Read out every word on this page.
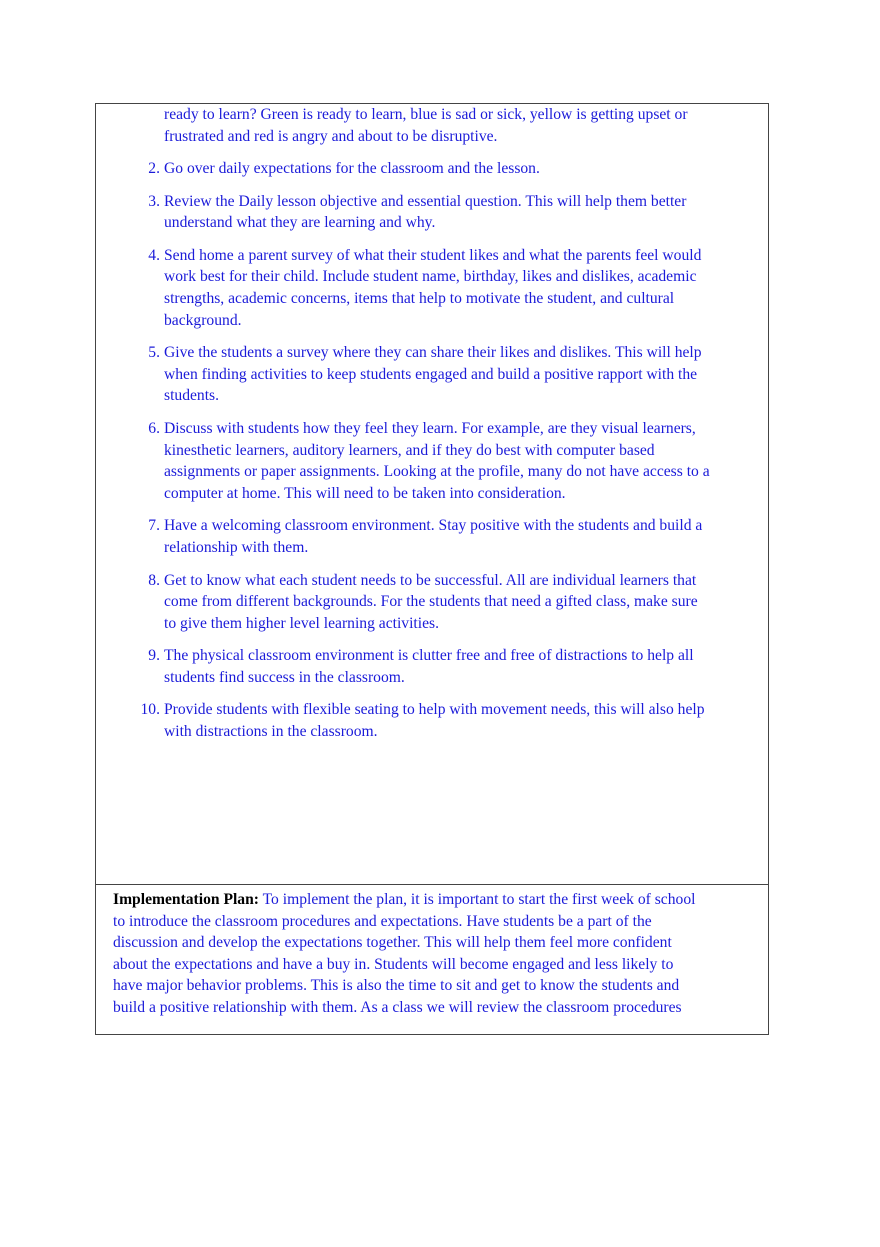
ready to learn? Green is ready to learn, blue is sad or sick, yellow is getting upset or
frustrated and red is angry and about to be disruptive.
2. Go over daily expectations for the classroom and the lesson.
3. Review the Daily lesson objective and essential question. This will help them better
understand what they are learning and why.
4. Send home a parent survey of what their student likes and what the parents feel would
work best for their child. Include student name, birthday, likes and dislikes, academic
strengths, academic concerns, items that help to motivate the student, and cultural
background.
5. Give the students a survey where they can share their likes and dislikes. This will help
when finding activities to keep students engaged and build a positive rapport with the
students.
6. Discuss with students how they feel they learn. For example, are they visual learners,
kinesthetic learners, auditory learners, and if they do best with computer based
assignments or paper assignments. Looking at the profile, many do not have access to a
computer at home. This will need to be taken into consideration.
7. Have a welcoming classroom environment. Stay positive with the students and build a
relationship with them.
8. Get to know what each student needs to be successful. All are individual learners that
come from different backgrounds. For the students that need a gifted class, make sure
to give them higher level learning activities.
9. The physical classroom environment is clutter free and free of distractions to help all
students find success in the classroom.
10. Provide students with flexible seating to help with movement needs, this will also help
with distractions in the classroom.
Implementation Plan: To implement the plan, it is important to start the first week of school
to introduce the classroom procedures and expectations. Have students be a part of the
discussion and develop the expectations together. This will help them feel more confident
about the expectations and have a buy in. Students will become engaged and less likely to
have major behavior problems. This is also the time to sit and get to know the students and
build a positive relationship with them. As a class we will review the classroom procedures
